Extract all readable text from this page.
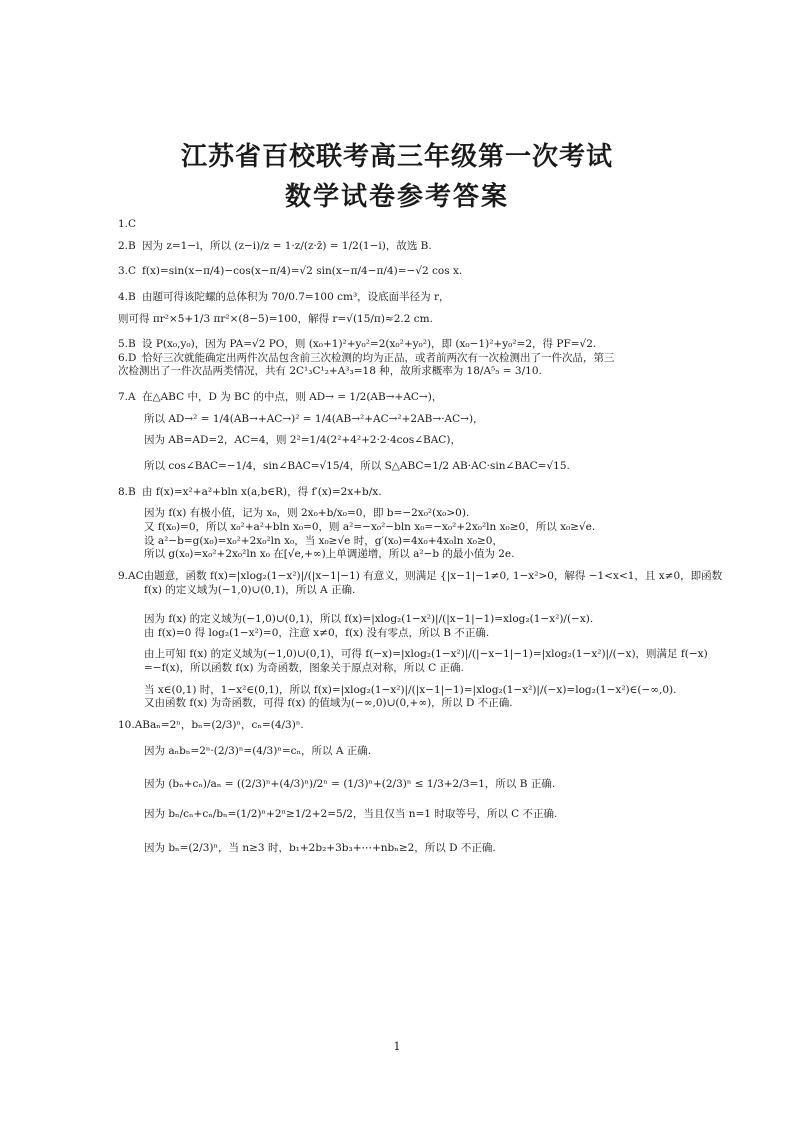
江苏省百校联考高三年级第一次考试
数学试卷参考答案
1.C
2.B 因为 z=1−i，所以 (z−i)/z = 1·z/(z·z̄) = 1/2(1−i)，故选 B.
3.C f(x)=sin(x−π/4)−cos(x−π/4)=√2 sin(x−π/4−π/4)=−√2 cos x.
4.B 由题可得该陀螺的总体积为 70/0.7=100 cm³，设底面半径为 r，
则可得 πr²×5+1/3 πr²×(8−5)=100，解得 r=√(15/π)≈2.2 cm.
5.B 设 P(x₀,y₀)，因为 PA=√2 PO，则 (x₀+1)²+y₀²=2(x₀²+y₀²)，即 (x₀−1)²+y₀²=2，得 PF=√2.
6.D 恰好三次就能确定出两件次品包含前三次检测的均为正品，或者前两次有一次检测出了一件次品，第三
次检测出了一件次品两类情况，共有 2C¹₃C¹₂+A³₃=18 种，故所求概率为 18/A⁵₅ = 3/10.
7.A 在△ABC 中，D 为 BC 的中点，则 AD→ = 1/2(AB→+AC→)，
所以 AD→² = 1/4(AB→+AC→)² = 1/4(AB→²+AC→²+2AB→·AC→)，
因为 AB=AD=2，AC=4，则 2²=1/4(2²+4²+2·2·4cos∠BAC)，
所以 cos∠BAC=−1/4，sin∠BAC=√15/4，所以 S△ABC=1/2 AB·AC·sin∠BAC=√15.
8.B 由 f(x)=x²+a²+bln x(a,b∈R)，得 f′(x)=2x+b/x.
因为 f(x) 有极小值，记为 x₀，则 2x₀+b/x₀=0，即 b=−2x₀²(x₀>0).
又 f(x₀)=0，所以 x₀²+a²+bln x₀=0，则 a²=−x₀²−bln x₀=−x₀²+2x₀²ln x₀≥0，所以 x₀≥√e.
设 a²−b=g(x₀)=x₀²+2x₀²ln x₀，当 x₀≥√e 时，g′(x₀)=4x₀+4x₀ln x₀≥0，
所以 g(x₀)=x₀²+2x₀²ln x₀ 在[√e,+∞)上单调递增，所以 a²−b 的最小值为 2e.
9.AC 由题意，函数 f(x)=|xlog₂(1−x²)|/(|x−1|−1) 有意义，则满足 {|x−1|−1≠0, 1−x²>0，解得 −1<x<1，且 x≠0，即函数
f(x) 的定义域为(−1,0)∪(0,1)，所以 A 正确.
因为 f(x) 的定义域为(−1,0)∪(0,1)，所以 f(x)=|xlog₂(1−x²)|/(|x−1|−1)=xlog₂(1−x²)/(−x).
由 f(x)=0 得 log₂(1−x²)=0，注意 x≠0，f(x) 没有零点，所以 B 不正确.
由上可知 f(x) 的定义域为(−1,0)∪(0,1)，可得 f(−x)=|xlog₂(1−x²)|/(|−x−1|−1)=|xlog₂(1−x²)|/(−x)，则满足 f(−x)
=−f(x)，所以函数 f(x) 为奇函数，图象关于原点对称，所以 C 正确.
当 x∈(0,1) 时，1−x²∈(0,1)，所以 f(x)=|xlog₂(1−x²)|/(|x−1|−1)=|xlog₂(1−x²)|/(−x)=log₂(1−x²)∈(−∞,0).
又由函数 f(x) 为奇函数，可得 f(x) 的值域为(−∞,0)∪(0,+∞)，所以 D 不正确.
10.AB aₙ=2ⁿ，bₙ=(2/3)ⁿ，cₙ=(4/3)ⁿ.
因为 aₙbₙ=2ⁿ·(2/3)ⁿ=(4/3)ⁿ=cₙ，所以 A 正确.
因为 (bₙ+cₙ)/aₙ = ((2/3)ⁿ+(4/3)ⁿ)/2ⁿ = (1/3)ⁿ+(2/3)ⁿ ≤ 1/3+2/3=1，所以 B 正确.
因为 bₙ/cₙ+cₙ/bₙ=(1/2)ⁿ+2ⁿ≥1/2+2=5/2，当且仅当 n=1 时取等号，所以 C 不正确.
因为 bₙ=(2/3)ⁿ，当 n≥3 时，b₁+2b₂+3b₃+⋯+nbₙ≥2，所以 D 不正确.
1
